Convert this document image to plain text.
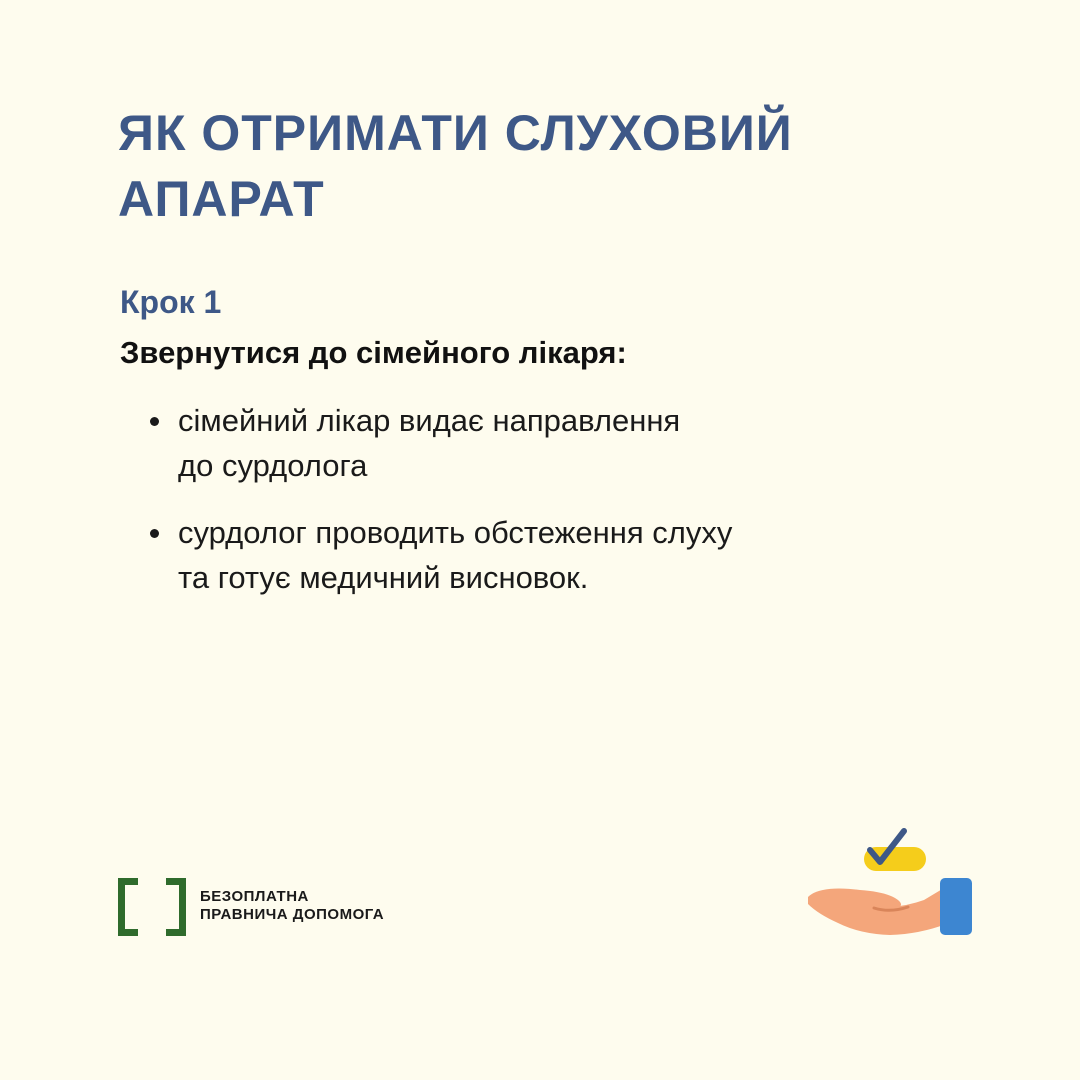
ЯК ОТРИМАТИ СЛУХОВИЙ
АПАРАТ
Крок 1
Звернутися до сімейного лікаря:
сімейний лікар видає направлення
до сурдолога
сурдолог проводить обстеження слуху
та готує медичний висновок.
БЕЗОПЛАТНА
ПРАВНИЧА ДОПОМОГА
